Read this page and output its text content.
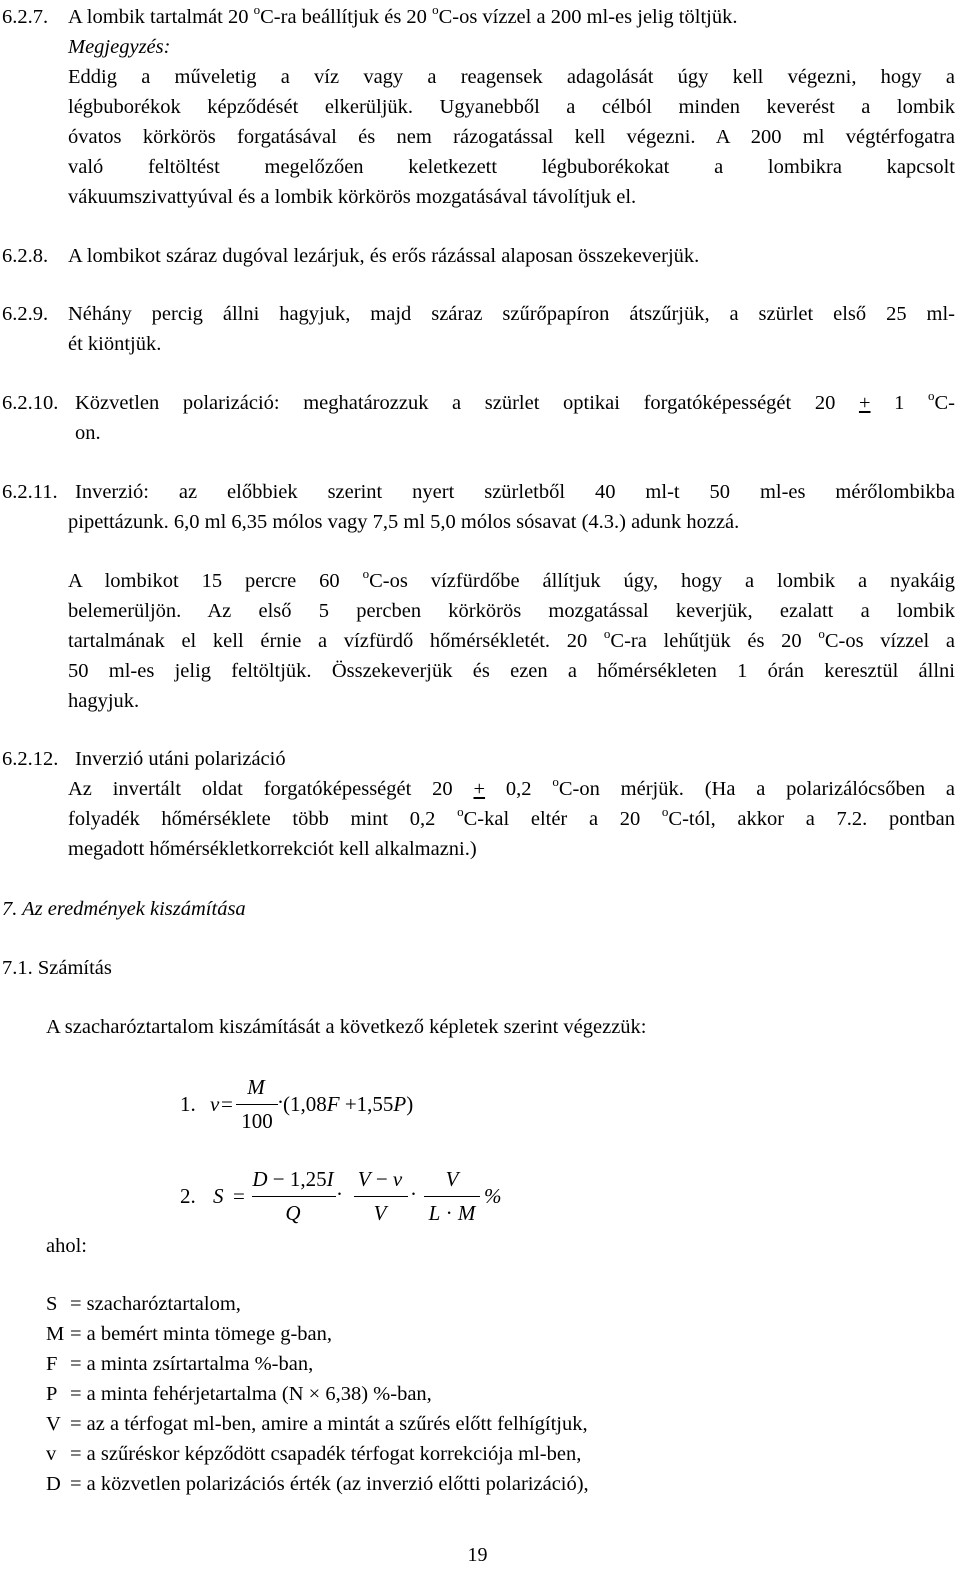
6.2.7. A lombik tartalmát 20 $^o$C-ra beállítjuk és 20 $^o$C-os vízzel a 200 ml-es jelig töltjük.
Megjegyzés:
Eddig a műveletig a víz vagy a reagensek adagolását úgy kell végezni, hogy a
légbuborékok képződését elkerüljük. Ugyanebből a célból minden keverést a lombik
óvatos körkörös forgatásával és nem rázogatással kell végezni. A 200 ml végtérfogatra
való feltöltést megelőzően keletkezett légbuborékokat a lombikra kapcsolt
vákuumszivattyúval és a lombik körkörös mozgatásával távolítjuk el.
6.2.8. A lombikot száraz dugóval lezárjuk, és erős rázással alaposan összekeverjük.
6.2.9. Néhány percig állni hagyjuk, majd száraz szűrőpapíron átszűrjük, a szürlet első 25 ml-
ét kiöntjük.
6.2.10. Közvetlen polarizáció: meghatározzuk a szürlet optikai forgatóképességét 20 + 1 $^o$C-
on.
6.2.11. Inverzió: az előbbiek szerint nyert szürletből 40 ml-t 50 ml-es mérőlombikba
pipettázunk. 6,0 ml 6,35 mólos vagy 7,5 ml 5,0 mólos sósavat (4.3.) adunk hozzá.
A lombikot 15 percre 60 $^o$C-os vízfürdőbe állítjuk úgy, hogy a lombik a nyakáig
belemerüljön. Az első 5 percben körkörös mozgatással keverjük, ezalatt a lombik
tartalmának el kell érnie a vízfürdő hőmérsékletét. 20 $^o$C-ra lehűtjük és 20 $^o$C-os vízzel a
50 ml-es jelig feltöltjük. Összekeverjük és ezen a hőmérsékleten 1 órán keresztül állni
hagyjuk.
6.2.12. Inverzió utáni polarizáció
Az invertált oldat forgatóképességét 20 + 0,2 $^o$C-on mérjük. (Ha a polarizálócsőben a
folyadék hőmérséklete több mint 0,2 $^o$C-kal eltér a 20 $^o$C-tól, akkor a 7.2. pontban
megadott hőmérsékletkorrekciót kell alkalmazni.)
7. Az eredmények kiszámítása
7.1. Számítás
A szacharóztartalom kiszámítását a következő képletek szerint végezzük:
1. v =
M
100
· (1,08F +1,55P)
2. S =
D − 1,25I
Q
·
V − v
V
·
V
L · M
%
ahol:
S = szacharóztartalom,
M = a bemért minta tömege g-ban,
F = a minta zsírtartalma %-ban,
P = a minta fehérjetartalma (N × 6,38) %-ban,
V = az a térfogat ml-ben, amire a mintát a szűrés előtt felhígítjuk,
v = a szűréskor képződött csapadék térfogat korrekciója ml-ben,
D = a közvetlen polarizációs érték (az inverzió előtti polarizáció),
19
